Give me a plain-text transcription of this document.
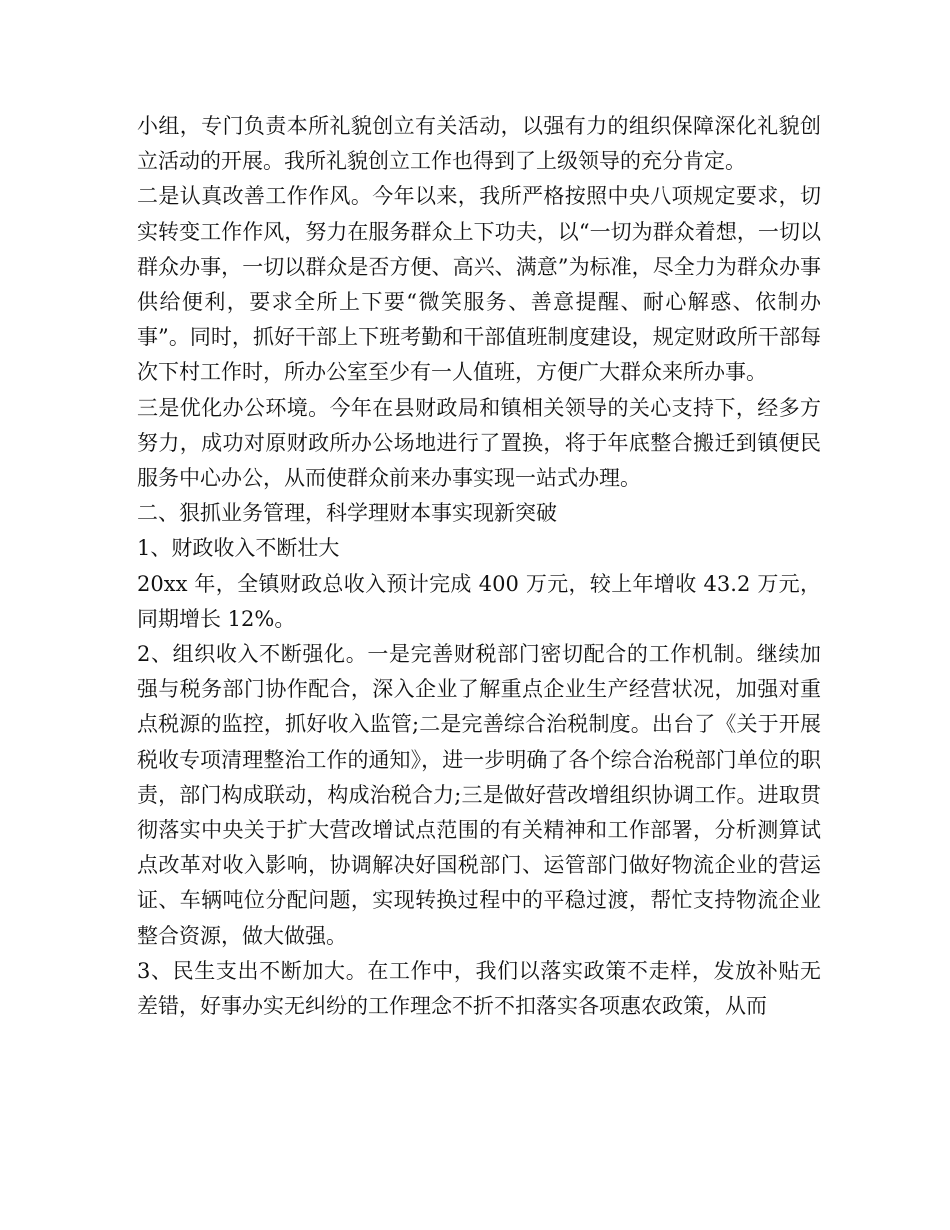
小组，专门负责本所礼貌创立有关活动，以强有力的组织保障深化礼貌创立活动的开展。我所礼貌创立工作也得到了上级领导的充分肯定。

二是认真改善工作作风。今年以来，我所严格按照中央八项规定要求，切实转变工作作风，努力在服务群众上下功夫，以“一切为群众着想，一切以群众办事，一切以群众是否方便、高兴、满意”为标准，尽全力为群众办事供给便利，要求全所上下要“微笑服务、善意提醒、耐心解惑、依制办事”。同时，抓好干部上下班考勤和干部值班制度建设，规定财政所干部每次下村工作时，所办公室至少有一人值班，方便广大群众来所办事。

三是优化办公环境。今年在县财政局和镇相关领导的关心支持下，经多方努力，成功对原财政所办公场地进行了置换，将于年底整合搬迁到镇便民服务中心办公，从而使群众前来办事实现一站式办理。

二、狠抓业务管理，科学理财本事实现新突破

1、财政收入不断壮大

20xx 年，全镇财政总收入预计完成 400 万元，较上年增收 43.2 万元，同期增长 12%。

2、组织收入不断强化。一是完善财税部门密切配合的工作机制。继续加强与税务部门协作配合，深入企业了解重点企业生产经营状况，加强对重点税源的监控，抓好收入监管;二是完善综合治税制度。出台了《关于开展税收专项清理整治工作的通知》，进一步明确了各个综合治税部门单位的职责，部门构成联动，构成治税合力;三是做好营改增组织协调工作。进取贯彻落实中央关于扩大营改增试点范围的有关精神和工作部署，分析测算试点改革对收入影响，协调解决好国税部门、运管部门做好物流企业的营运证、车辆吨位分配问题，实现转换过程中的平稳过渡，帮忙支持物流企业整合资源，做大做强。

3、民生支出不断加大。在工作中，我们以落实政策不走样，发放补贴无差错，好事办实无纠纷的工作理念不折不扣落实各项惠农政策，从而
